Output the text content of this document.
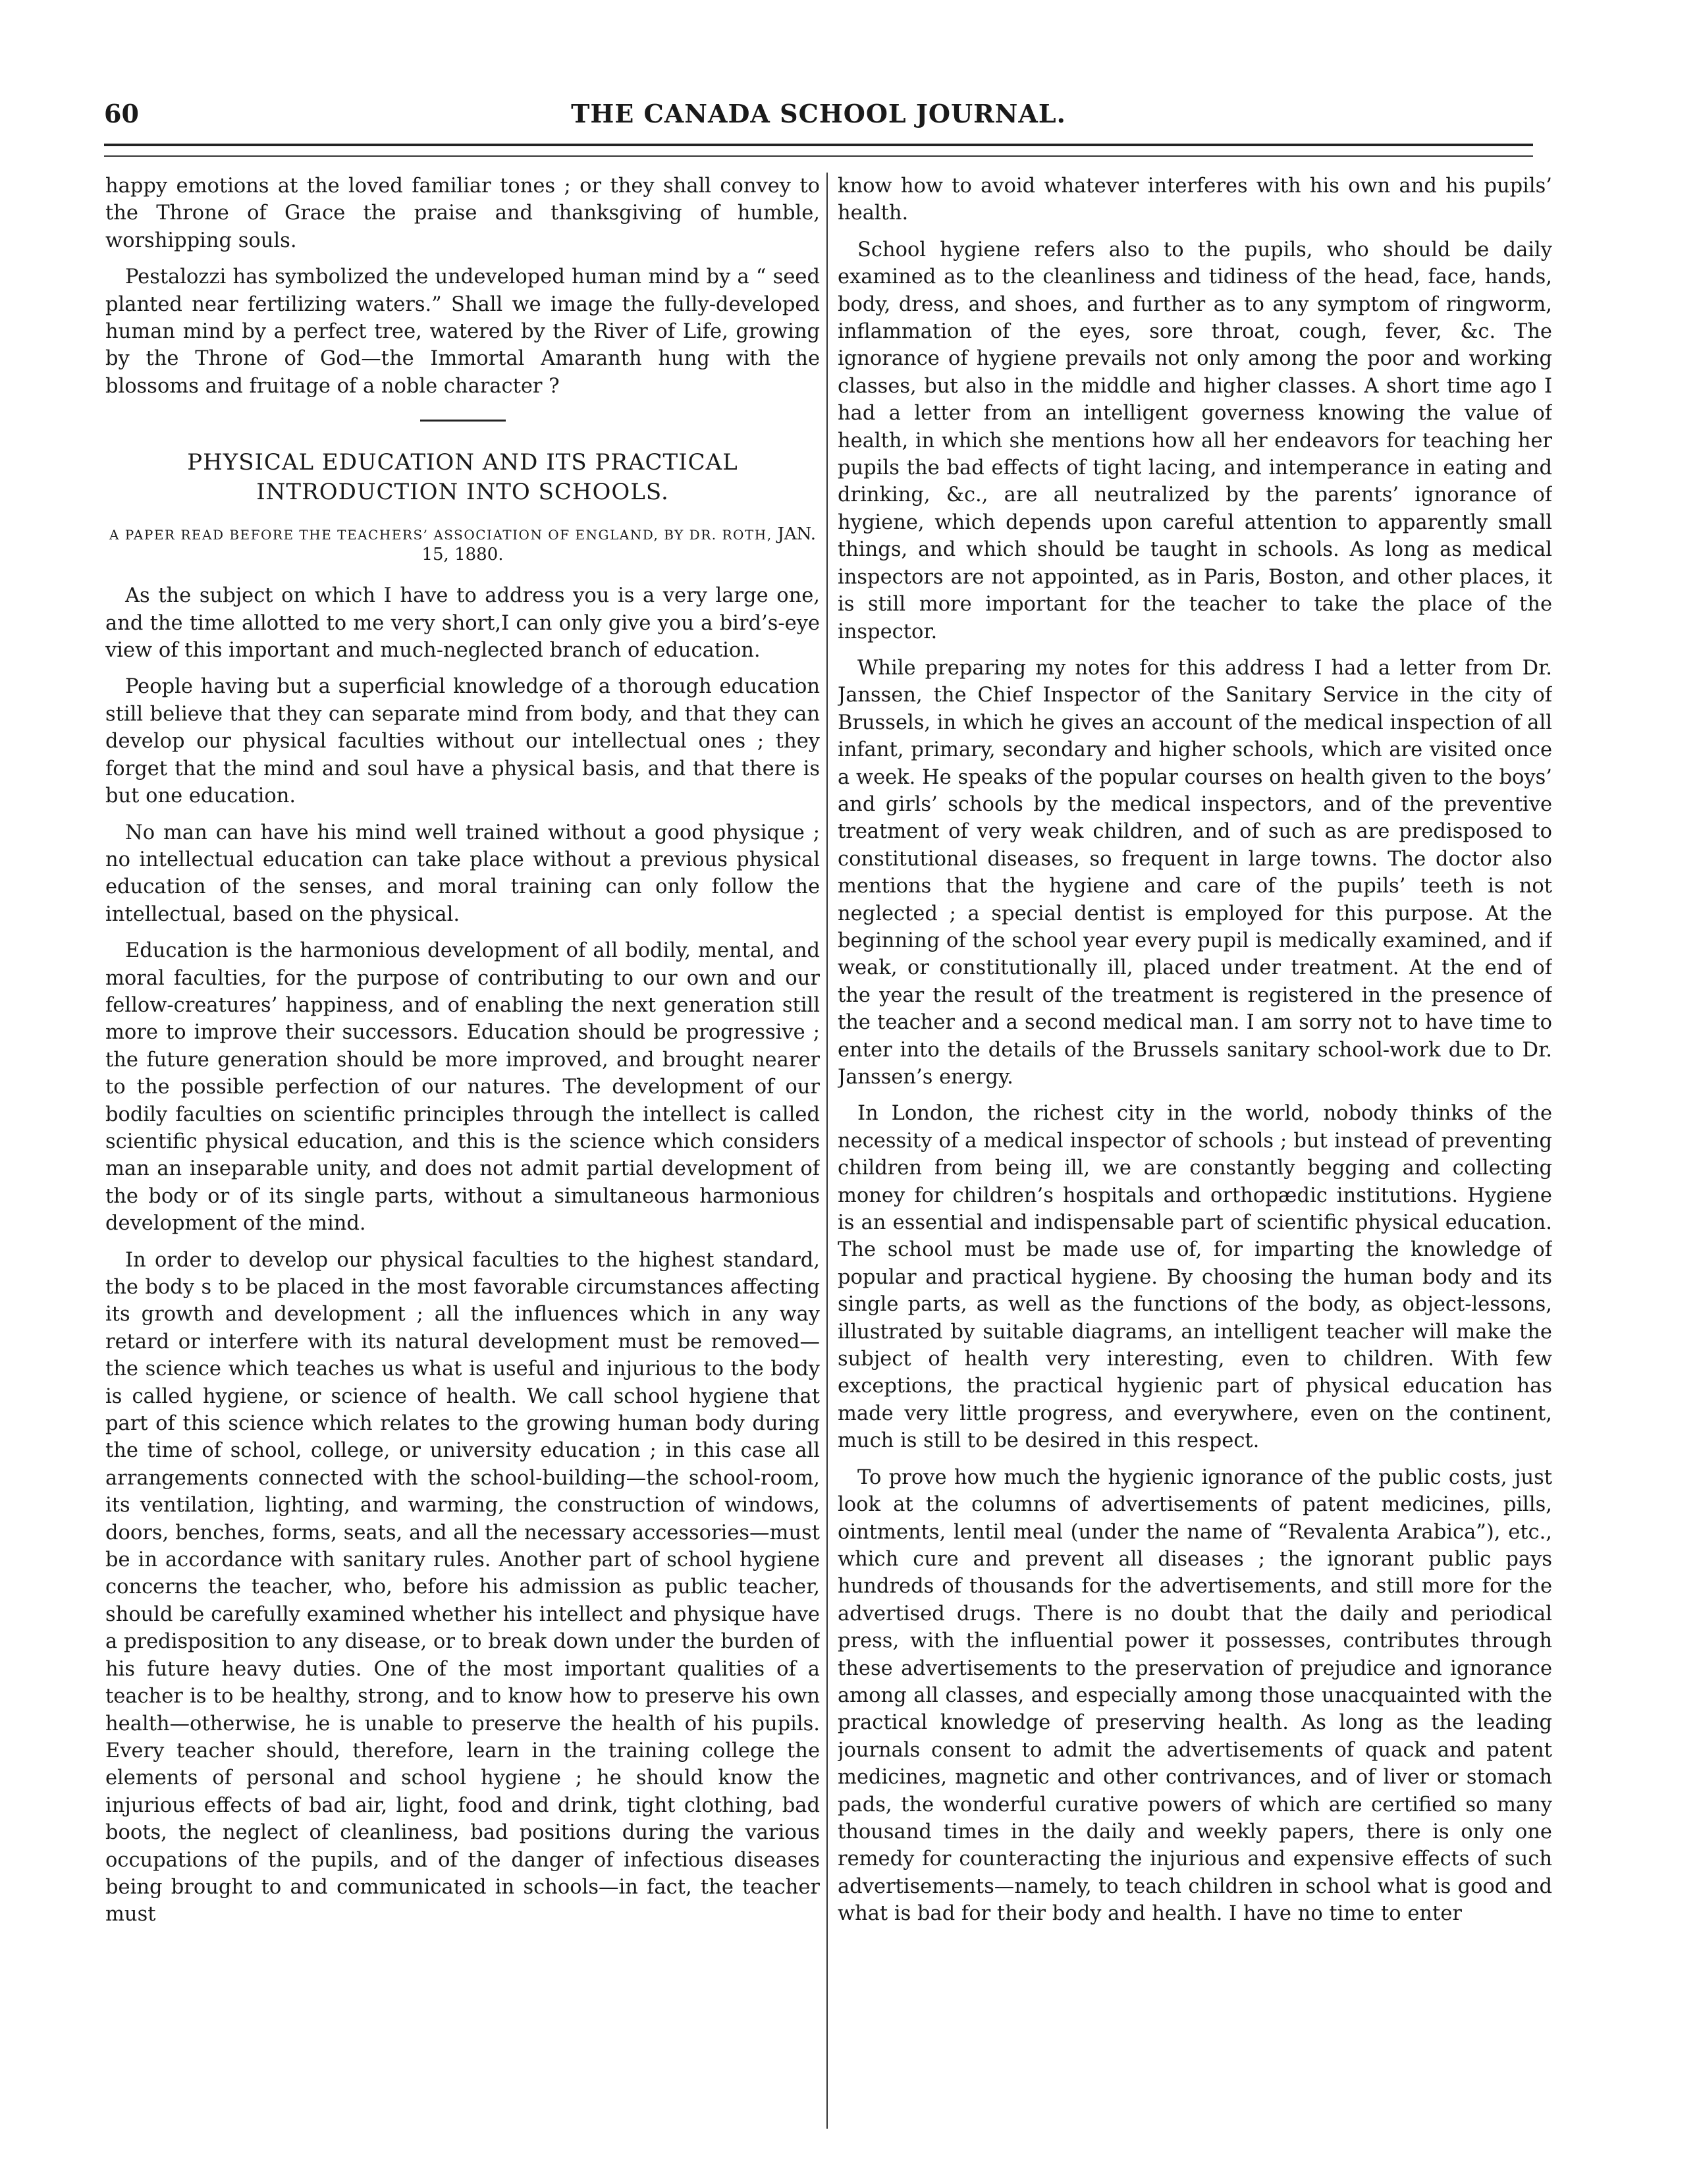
THE CANADA SCHOOL JOURNAL.
60

happy emotions at the loved familiar tones ; or they shall convey to the Throne of Grace the praise and thanksgiving of humble, worshipping souls.

Pestalozzi has symbolized the undeveloped human mind by a “ seed planted near fertilizing waters.” Shall we image the fully-developed human mind by a perfect tree, watered by the River of Life, growing by the Throne of God—the Immortal Amaranth hung with the blossoms and fruitage of a noble character ?

PHYSICAL EDUCATION AND ITS PRACTICAL INTRODUCTION INTO SCHOOLS.
A PAPER READ BEFORE THE TEACHERS’ ASSOCIATION OF ENGLAND, BY DR. ROTH, JAN. 15, 1880.

As the subject on which I have to address you is a very large one, and the time allotted to me very short,I can only give you a bird’s-eye view of this important and much-neglected branch of education.

People having but a superficial knowledge of a thorough education still believe that they can separate mind from body, and that they can develop our physical faculties without our intellectual ones ; they forget that the mind and soul have a physical basis, and that there is but one education.

No man can have his mind well trained without a good physique ; no intellectual education can take place without a previous physical education of the senses, and moral training can only follow the intellectual, based on the physical.

Education is the harmonious development of all bodily, mental, and moral faculties, for the purpose of contributing to our own and our fellow-creatures’ happiness, and of enabling the next generation still more to improve their successors. Education should be progressive ; the future generation should be more improved, and brought nearer to the possible perfection of our natures. The development of our bodily faculties on scientific principles through the intellect is called scientific physical education, and this is the science which considers man an inseparable unity, and does not admit partial development of the body or of its single parts, without a simultaneous harmonious development of the mind.

In order to develop our physical faculties to the highest standard, the body s to be placed in the most favorable circumstances affecting its growth and development ; all the influences which in any way retard or interfere with its natural development must be removed—the science which teaches us what is useful and injurious to the body is called hygiene, or science of health. We call school hygiene that part of this science which relates to the growing human body during the time of school, college, or university education ; in this case all arrangements connected with the school-building—the school-room, its ventilation, lighting, and warming, the construction of windows, doors, benches, forms, seats, and all the necessary accessories—must be in accordance with sanitary rules. Another part of school hygiene concerns the teacher, who, before his admission as public teacher, should be carefully examined whether his intellect and physique have a predisposition to any disease, or to break down under the burden of his future heavy duties. One of the most important qualities of a teacher is to be healthy, strong, and to know how to preserve his own health—otherwise, he is unable to preserve the health of his pupils. Every teacher should, therefore, learn in the training college the elements of personal and school hygiene ; he should know the injurious effects of bad air, light, food and drink, tight clothing, bad boots, the neglect of cleanliness, bad positions during the various occupations of the pupils, and of the danger of infectious diseases being brought to and communicated in schools—in fact, the teacher must

know how to avoid whatever interferes with his own and his pupils’ health.

School hygiene refers also to the pupils, who should be daily examined as to the cleanliness and tidiness of the head, face, hands, body, dress, and shoes, and further as to any symptom of ringworm, inflammation of the eyes, sore throat, cough, fever, &c. The ignorance of hygiene prevails not only among the poor and working classes, but also in the middle and higher classes. A short time ago I had a letter from an intelligent governess knowing the value of health, in which she mentions how all her endeavors for teaching her pupils the bad effects of tight lacing, and intemperance in eating and drinking, &c., are all neutralized by the parents’ ignorance of hygiene, which depends upon careful attention to apparently small things, and which should be taught in schools. As long as medical inspectors are not appointed, as in Paris, Boston, and other places, it is still more important for the teacher to take the place of the inspector.

While preparing my notes for this address I had a letter from Dr. Janssen, the Chief Inspector of the Sanitary Service in the city of Brussels, in which he gives an account of the medical inspection of all infant, primary, secondary and higher schools, which are visited once a week. He speaks of the popular courses on health given to the boys’ and girls’ schools by the medical inspectors, and of the preventive treatment of very weak children, and of such as are predisposed to constitutional diseases, so frequent in large towns. The doctor also mentions that the hygiene and care of the pupils’ teeth is not neglected ; a special dentist is employed for this purpose. At the beginning of the school year every pupil is medically examined, and if weak, or constitutionally ill, placed under treatment. At the end of the year the result of the treatment is registered in the presence of the teacher and a second medical man. I am sorry not to have time to enter into the details of the Brussels sanitary school-work due to Dr. Janssen’s energy.

In London, the richest city in the world, nobody thinks of the necessity of a medical inspector of schools ; but instead of preventing children from being ill, we are constantly begging and collecting money for children’s hospitals and orthopædic institutions. Hygiene is an essential and indispensable part of scientific physical education. The school must be made use of, for imparting the knowledge of popular and practical hygiene. By choosing the human body and its single parts, as well as the functions of the body, as object-lessons, illustrated by suitable diagrams, an intelligent teacher will make the subject of health very interesting, even to children. With few exceptions, the practical hygienic part of physical education has made very little progress, and everywhere, even on the continent, much is still to be desired in this respect.

To prove how much the hygienic ignorance of the public costs, just look at the columns of advertisements of patent medicines, pills, ointments, lentil meal (under the name of “Revalenta Arabica”), etc., which cure and prevent all diseases ; the ignorant public pays hundreds of thousands for the advertisements, and still more for the advertised drugs. There is no doubt that the daily and periodical press, with the influential power it possesses, contributes through these advertisements to the preservation of prejudice and ignorance among all classes, and especially among those unacquainted with the practical knowledge of preserving health. As long as the leading journals consent to admit the advertisements of quack and patent medicines, magnetic and other contrivances, and of liver or stomach pads, the wonderful curative powers of which are certified so many thousand times in the daily and weekly papers, there is only one remedy for counteracting the injurious and expensive effects of such advertisements—namely, to teach children in school what is good and what is bad for their body and health. I have no time to enter
